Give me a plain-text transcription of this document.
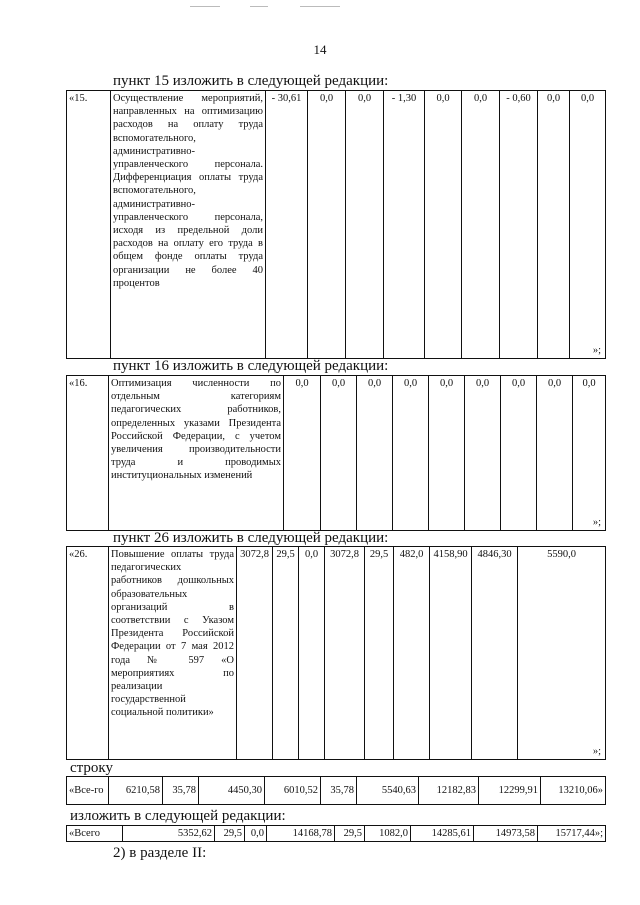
14
пункт 15 изложить в следующей редакции:
«15.	Осуществление мероприятий, направленных на оптимизацию расходов на оплату труда вспомогательного, административно-управленческого персонала. Дифференциация оплаты труда вспомогательного, административно-управленческого персонала, исходя из предельной доли расходов на оплату его труда в общем фонде оплаты труда организации не более 40 процентов	- 30,61	0,0	0,0	- 1,30	0,0	0,0	- 0,60	0,0	0,0
»;
пункт 16 изложить в следующей редакции:
«16.	Оптимизация численности по отдельным категориям педагогических работников, определенных указами Президента Российской Федерации, с учетом увеличения производительности труда и проводимых институциональных изменений	0,0	0,0	0,0	0,0	0,0	0,0	0,0	0,0	0,0
»;
пункт 26 изложить в следующей редакции:
«26.	Повышение оплаты труда педагогических работников дошкольных образовательных организаций в соответствии с Указом Президента Российской Федерации от 7 мая 2012 года № 597 «О мероприятиях по реализации государственной социальной политики»	3072,8	29,5	0,0	3072,8	29,5	482,0	4158,90	4846,30	5590,0
»;
строку
«Все-го	6210,58	35,78	4450,30	6010,52	35,78	5540,63	12182,83	12299,91	13210,06»
изложить в следующей редакции:
«Всего	5352,62	29,5	0,0	14168,78	29,5	1082,0	14285,61	14973,58	15717,44»;
2) в разделе II:
